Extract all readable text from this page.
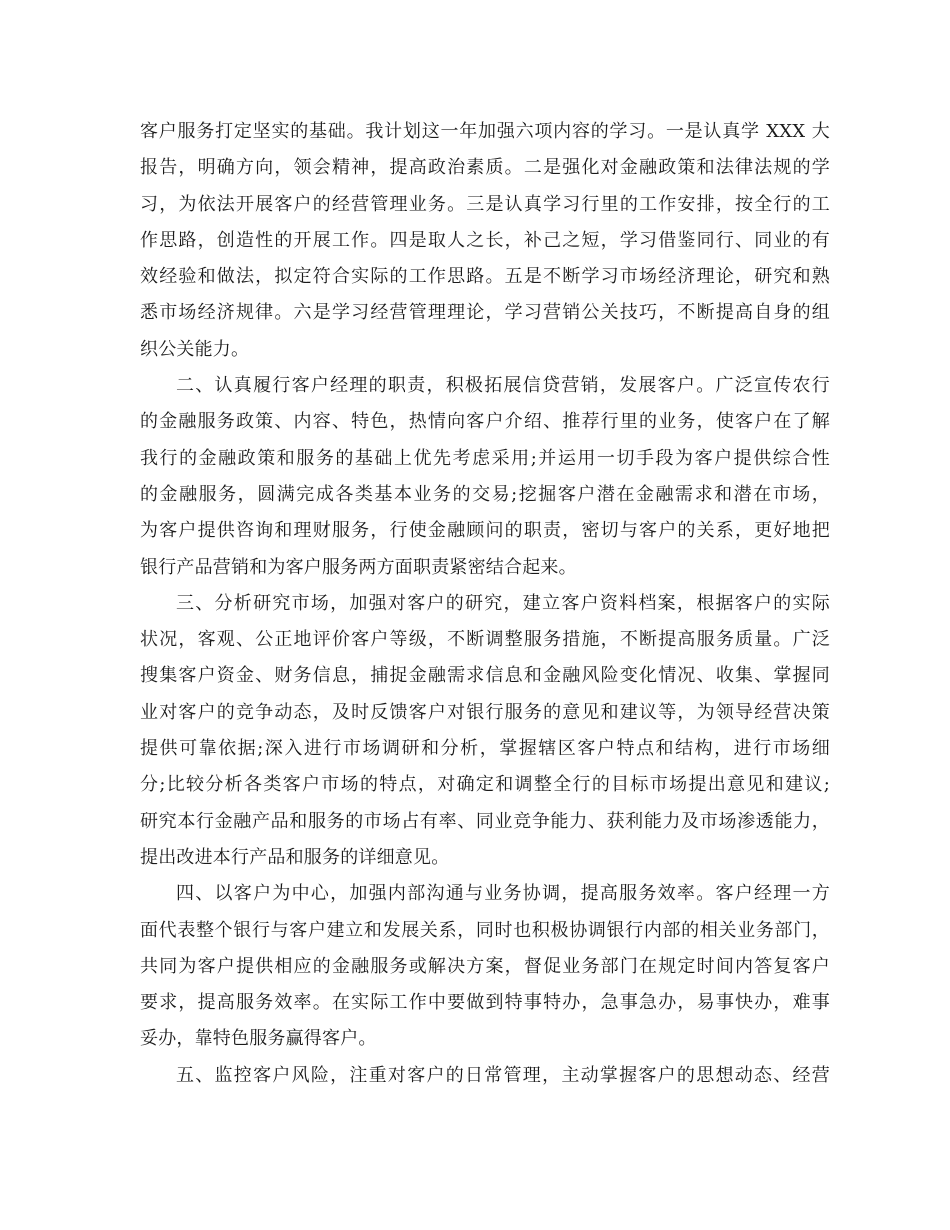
客户服务打定坚实的基础。我计划这一年加强六项内容的学习。一是认真学 XXX 大
报告，明确方向，领会精神，提高政治素质。二是强化对金融政策和法律法规的学
习，为依法开展客户的经营管理业务。三是认真学习行里的工作安排，按全行的工
作思路，创造性的开展工作。四是取人之长，补己之短，学习借鉴同行、同业的有
效经验和做法，拟定符合实际的工作思路。五是不断学习市场经济理论，研究和熟
悉市场经济规律。六是学习经营管理理论，学习营销公关技巧，不断提高自身的组
织公关能力。
二、认真履行客户经理的职责，积极拓展信贷营销，发展客户。广泛宣传农行
的金融服务政策、内容、特色，热情向客户介绍、推荐行里的业务，使客户在了解
我行的金融政策和服务的基础上优先考虑采用;并运用一切手段为客户提供综合性
的金融服务，圆满完成各类基本业务的交易;挖掘客户潜在金融需求和潜在市场，
为客户提供咨询和理财服务，行使金融顾问的职责，密切与客户的关系，更好地把
银行产品营销和为客户服务两方面职责紧密结合起来。
三、分析研究市场，加强对客户的研究，建立客户资料档案，根据客户的实际
状况，客观、公正地评价客户等级，不断调整服务措施，不断提高服务质量。广泛
搜集客户资金、财务信息，捕捉金融需求信息和金融风险变化情况、收集、掌握同
业对客户的竞争动态，及时反馈客户对银行服务的意见和建议等，为领导经营决策
提供可靠依据;深入进行市场调研和分析，掌握辖区客户特点和结构，进行市场细
分;比较分析各类客户市场的特点，对确定和调整全行的目标市场提出意见和建议;
研究本行金融产品和服务的市场占有率、同业竞争能力、获利能力及市场渗透能力，
提出改进本行产品和服务的详细意见。
四、以客户为中心，加强内部沟通与业务协调，提高服务效率。客户经理一方
面代表整个银行与客户建立和发展关系，同时也积极协调银行内部的相关业务部门，
共同为客户提供相应的金融服务或解决方案，督促业务部门在规定时间内答复客户
要求，提高服务效率。在实际工作中要做到特事特办，急事急办，易事快办，难事
妥办，靠特色服务赢得客户。
五、监控客户风险，注重对客户的日常管理，主动掌握客户的思想动态、经营
